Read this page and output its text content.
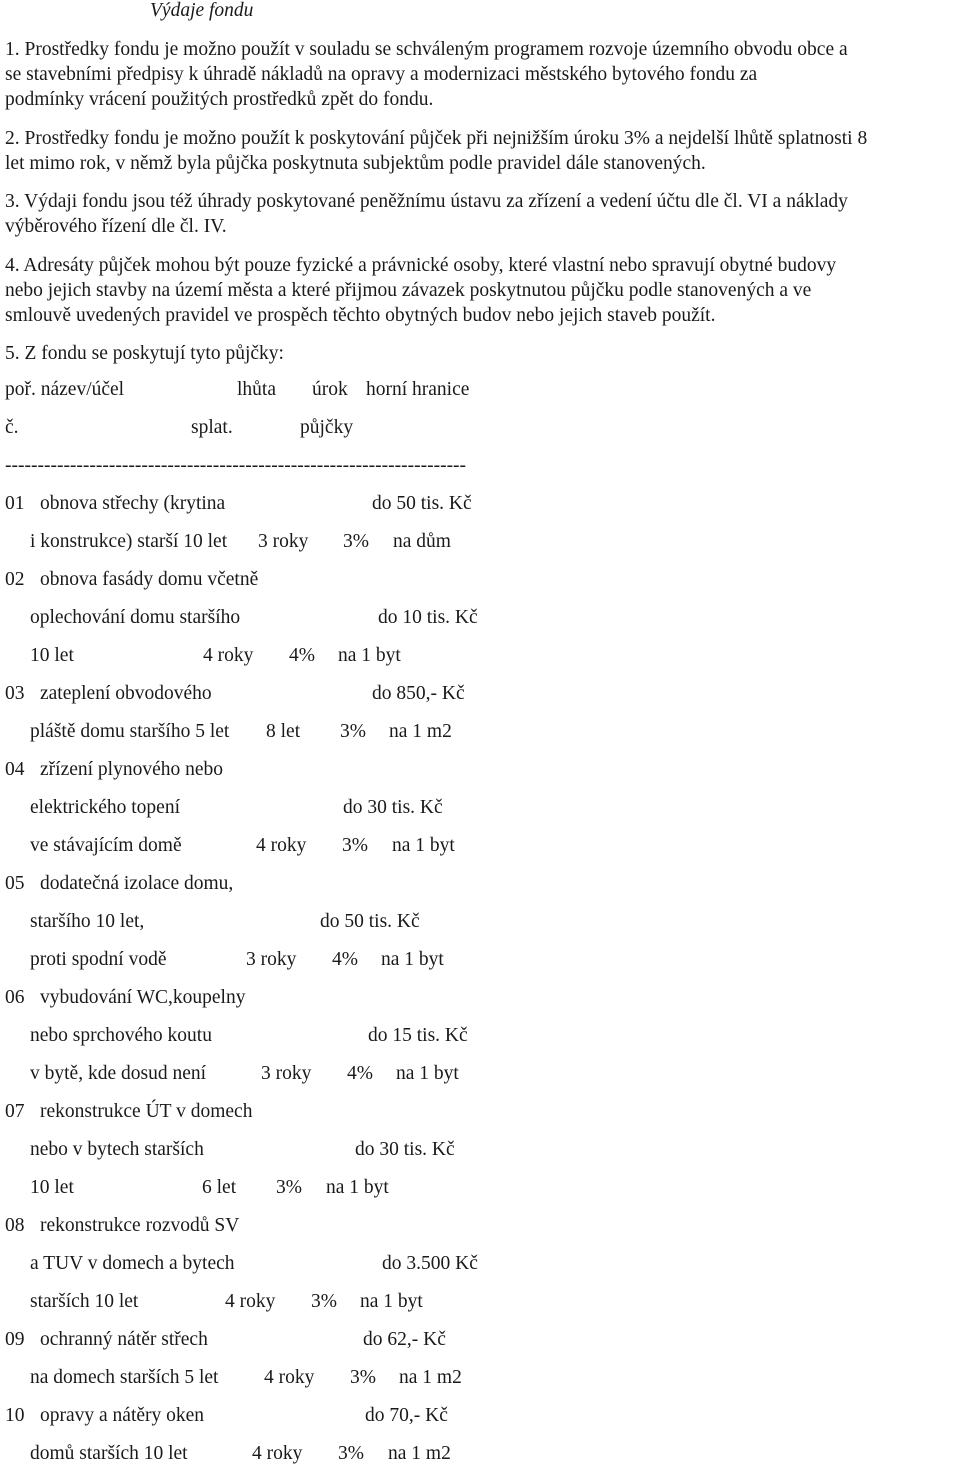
Výdaje fondu
1. Prostředky fondu je možno použít v souladu se schváleným programem rozvoje územního obvodu obce a
se stavebními předpisy k úhradě nákladů na opravy a modernizaci městského bytového fondu za
podmínky vrácení použitých prostředků zpět do fondu.
2. Prostředky fondu je možno použít k poskytování půjček při nejnižším úroku 3% a nejdelší lhůtě splatnosti 8
let mimo rok, v němž byla půjčka poskytnuta subjektům podle pravidel dále stanovených.
3. Výdaji fondu jsou též úhrady poskytované peněžnímu ústavu za zřízení a vedení účtu dle čl. VI a náklady
výběrového řízení dle čl. IV.
4. Adresáty půjček mohou být pouze fyzické a právnické osoby, které vlastní nebo spravují obytné budovy
nebo jejich stavby na území města a které přijmou závazek poskytnutou půjčku podle stanovených a ve
smlouvě uvedených pravidel ve prospěch těchto obytných budov nebo jejich staveb použít.
5. Z fondu se poskytují tyto půjčky:
poř. název/účel	lhůta úrok horní hranice
č.	splat.	půjčky
-----------------------------------------------------------------------
01 obnova střechy (krytina	do 50 tis. Kč
i konstrukce) starší 10 let 3 roky 3% na dům
02 obnova fasády domu včetně
oplechování domu staršího	do 10 tis. Kč
10 let	4 roky 4% na 1 byt
03 zateplení obvodového	do 850,- Kč
pláště domu staršího 5 let 8 let 3% na 1 m2
04 zřízení plynového nebo
elektrického topení	do 30 tis. Kč
ve stávajícím domě	4 roky 3% na 1 byt
05 dodatečná izolace domu,
staršího 10 let,	do 50 tis. Kč
proti spodní vodě	3 roky 4% na 1 byt
06 vybudování WC,koupelny
nebo sprchového koutu	do 15 tis. Kč
v bytě, kde dosud není	3 roky 4% na 1 byt
07 rekonstrukce ÚT v domech
nebo v bytech starších	do 30 tis. Kč
10 let	6 let 3% na 1 byt
08 rekonstrukce rozvodů SV
a TUV v domech a bytech	do 3.500 Kč
starších 10 let	4 roky 3% na 1 byt
09 ochranný nátěr střech	do 62,- Kč
na domech starších 5 let 4 roky 3% na 1 m2
10 opravy a nátěry oken	do 70,- Kč
domů starších 10 let	4 roky 3% na 1 m2
